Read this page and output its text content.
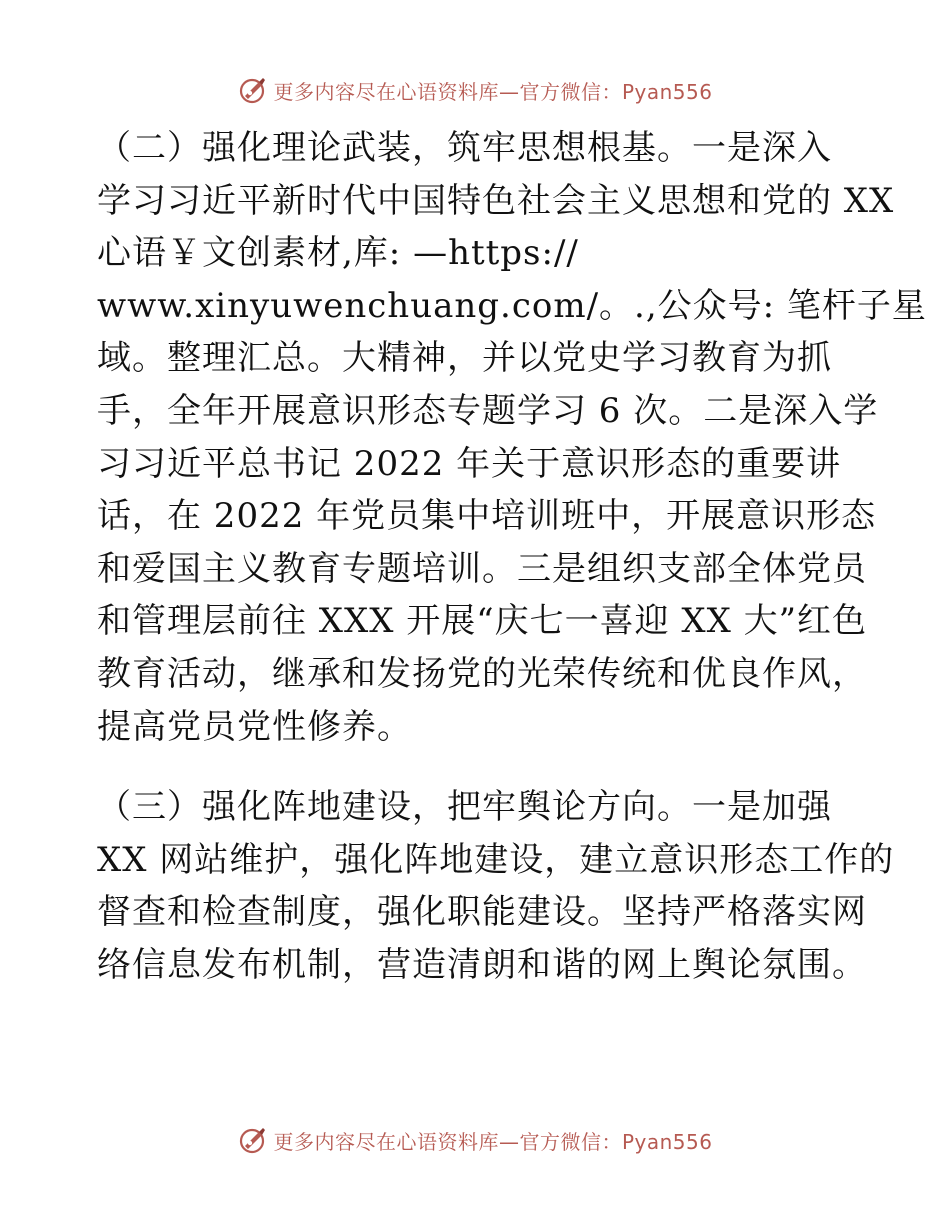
更多内容尽在心语资料库—官方微信：Pyan556
（二）强化理论武装，筑牢思想根基。一是深入
学习习近平新时代中国特色社会主义思想和党的 XX
心语￥文创素材,库: —https://
www.xinyuwenchuang.com/。.,公众号: 笔杆子星
域。整理汇总。大精神，并以党史学习教育为抓
手，全年开展意识形态专题学习 6 次。二是深入学
习习近平总书记 2022 年关于意识形态的重要讲
话，在 2022 年党员集中培训班中，开展意识形态
和爱国主义教育专题培训。三是组织支部全体党员
和管理层前往 XXX 开展“庆七一喜迎 XX 大”红色
教育活动，继承和发扬党的光荣传统和优良作风，
提高党员党性修养。
（三）强化阵地建设，把牢舆论方向。一是加强
XX 网站维护，强化阵地建设，建立意识形态工作的
督查和检查制度，强化职能建设。坚持严格落实网
络信息发布机制，营造清朗和谐的网上舆论氛围。
更多内容尽在心语资料库—官方微信：Pyan556
